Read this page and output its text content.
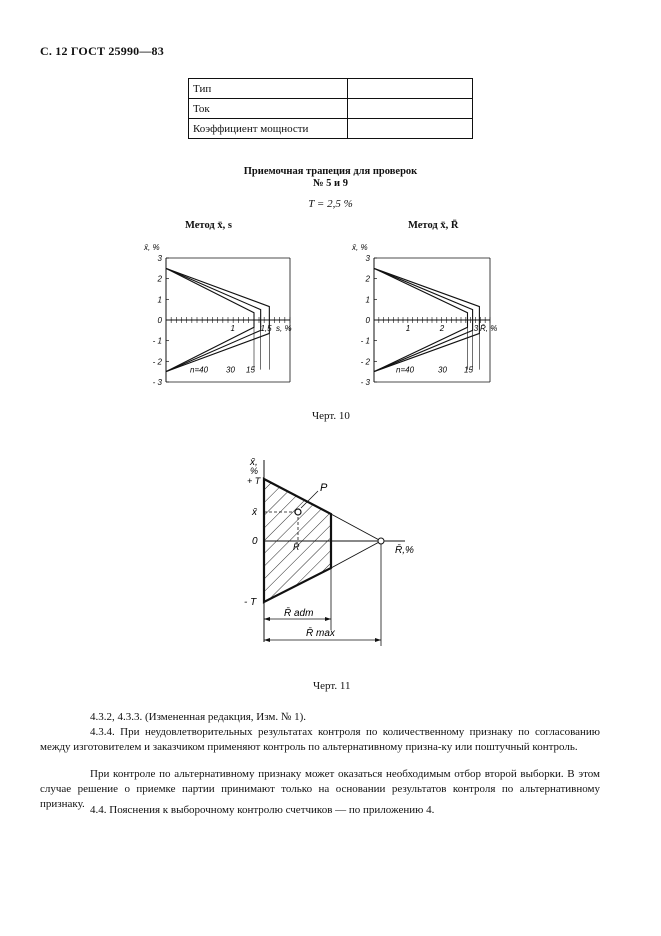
С. 12 ГОСТ 25990—83
Тип	
Ток	
Коэффициент мощности	
Приемочная трапеция для проверок
№ 5 и 9
T = 2,5 %
Метод x̄, s	Метод x̄, R̄
3
2
1
0
- 1
- 2
- 3
x̄, %
1	1,5 s, %
n=40 30 15
3
2
1
0
- 1
- 2
- 3
x̄, %
1	2	3 R̄, %
n=40	30 15
Черт. 10
P
R̄
x̄,
%
+ T
x̄
0
- T
R̄,%
R̄ adm
R̄ max
Черт. 11
4.3.2, 4.3.3. (Измененная редакция, Изм. № 1).
4.3.4. При неудовлетворительных результатах контроля по количественному признаку по согласованию между изготовителем и заказчиком применяют контроль по альтернативному призна-ку или поштучный контроль.
При контроле по альтернативному признаку может оказаться необходимым отбор второй выборки. В этом случае решение о приемке партии принимают только на основании результатов контроля по альтернативному признаку. 4.4. Пояснения к выборочному контролю счетчиков — по приложению 4.
